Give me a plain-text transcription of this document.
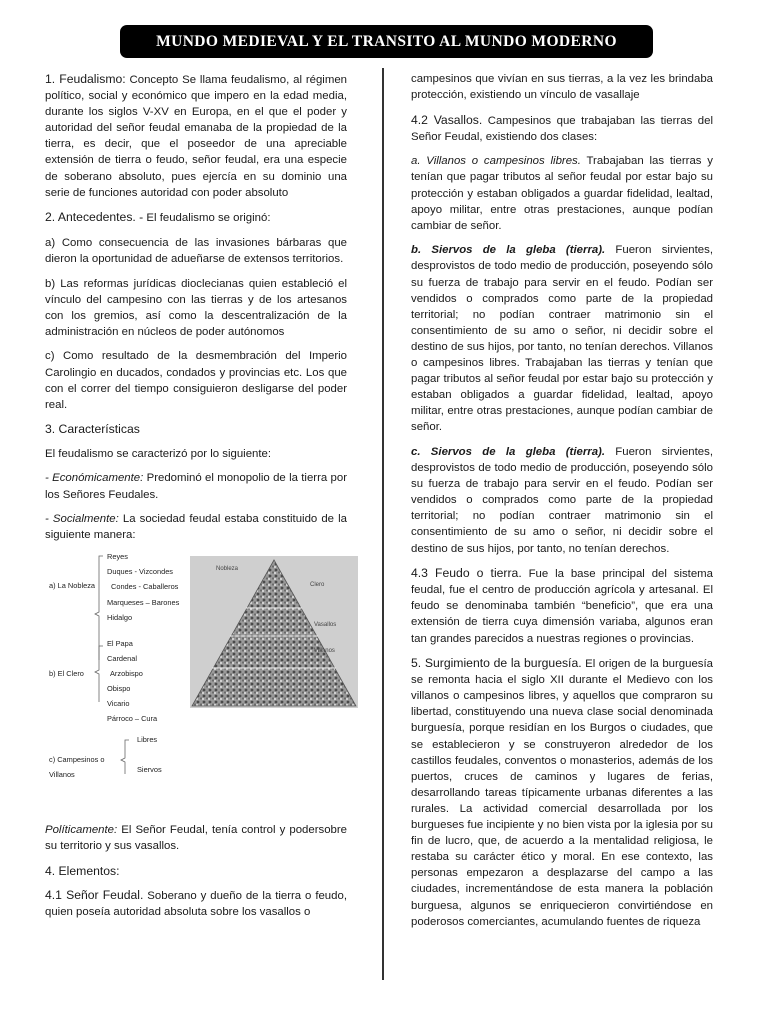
MUNDO MEDIEVAL Y EL TRANSITO AL MUNDO MODERNO

1. Feudalismo: Concepto Se llama feudalismo, al régimen político, social y económico que impero en la edad media, durante los siglos V-XV en Europa, en el que el poder y autoridad del señor feudal emanaba de la propiedad de la tierra, es decir, que el poseedor de una apreciable extensión de tierra o feudo, señor feudal, era una especie de soberano absoluto, pues ejercía en su dominio una serie de funciones autoridad con poder absoluto

2. Antecedentes. - El feudalismo se originó:

a) Como consecuencia de las invasiones bárbaras que dieron la oportunidad de adueñarse de extensos territorios.

b) Las reformas jurídicas dioclecianas quien estableció el vínculo del campesino con las tierras y de los artesanos con los gremios, así como la descentralización de la administración en núcleos de poder autónomos

c) Como resultado de la desmembración del Imperio Carolingio en ducados, condados y provincias etc. Los que con el correr del tiempo consiguieron desligarse del poder real.

3. Características

El feudalismo se caracterizó por lo siguiente:

- Económicamente: Predominó el monopolio de la tierra por los Señores Feudales.

- Socialmente: La sociedad feudal estaba constituido de la siguiente manera:

a) La Nobleza
Reyes
Duques - Vizcondes
Condes - Caballeros
Marqueses – Barones
Hidalgo
b) El Clero
El Papa
Cardenal
Arzobispo
Obispo
Vicario
Párroco – Cura
c) Campesinos o
Villanos
Libres
Siervos
Nobleza
Clero
Vasallos
Villanos

Políticamente: El Señor Feudal, tenía control y podersobre su territorio y sus vasallos.

4. Elementos:

4.1 Señor Feudal. Soberano y dueño de la tierra o feudo, quien poseía autoridad absoluta sobre los vasallos o

campesinos que vivían en sus tierras, a la vez les brindaba protección, existiendo un vínculo de vasallaje

4.2 Vasallos. Campesinos que trabajaban las tierras del Señor Feudal, existiendo dos clases:

a. Villanos o campesinos libres. Trabajaban las tierras y tenían que pagar tributos al señor feudal por estar bajo su protección y estaban obligados a guardar fidelidad, lealtad, apoyo militar, entre otras prestaciones, aunque podían cambiar de señor.

b. Siervos de la gleba (tierra). Fueron sirvientes, desprovistos de todo medio de producción, poseyendo sólo su fuerza de trabajo para servir en el feudo. Podían ser vendidos o comprados como parte de la propiedad territorial; no podían contraer matrimonio sin el consentimiento de su amo o señor, ni decidir sobre el destino de sus hijos, por tanto, no tenían derechos. Villanos o campesinos libres. Trabajaban las tierras y tenían que pagar tributos al señor feudal por estar bajo su protección y estaban obligados a guardar fidelidad, lealtad, apoyo militar, entre otras prestaciones, aunque podían cambiar de señor.

c. Siervos de la gleba (tierra). Fueron sirvientes, desprovistos de todo medio de producción, poseyendo sólo su fuerza de trabajo para servir en el feudo. Podían ser vendidos o comprados como parte de la propiedad territorial; no podían contraer matrimonio sin el consentimiento de su amo o señor, ni decidir sobre el destino de sus hijos, por tanto, no tenían derechos.

4.3 Feudo o tierra. Fue la base principal del sistema feudal, fue el centro de producción agrícola y artesanal. El feudo se denominaba también “beneficio”, que era una extensión de tierra cuya dimensión variaba, algunos eran tan grandes parecidos a nuestras regiones o provincias.

5. Surgimiento de la burguesía. El origen de la burguesía se remonta hacia el siglo XII durante el Medievo con los villanos o campesinos libres, y aquellos que compraron su libertad, constituyendo una nueva clase social denominada burguesía, porque residían en los Burgos o ciudades, que se establecieron y se construyeron alrededor de los castillos feudales, conventos o monasterios, además de los puertos, cruces de caminos y lugares de ferias, desarrollando tareas típicamente urbanas diferentes a las rurales. La actividad comercial desarrollada por los burgueses fue incipiente y no bien vista por la iglesia por su fin de lucro, que, de acuerdo a la mentalidad religiosa, le restaba su carácter ético y moral. En ese contexto, las personas empezaron a desplazarse del campo a las ciudades, incrementándose de esta manera la población burguesa, algunos se enriquecieron convirtiéndose en poderosos comerciantes, acumulando fuentes de riqueza
